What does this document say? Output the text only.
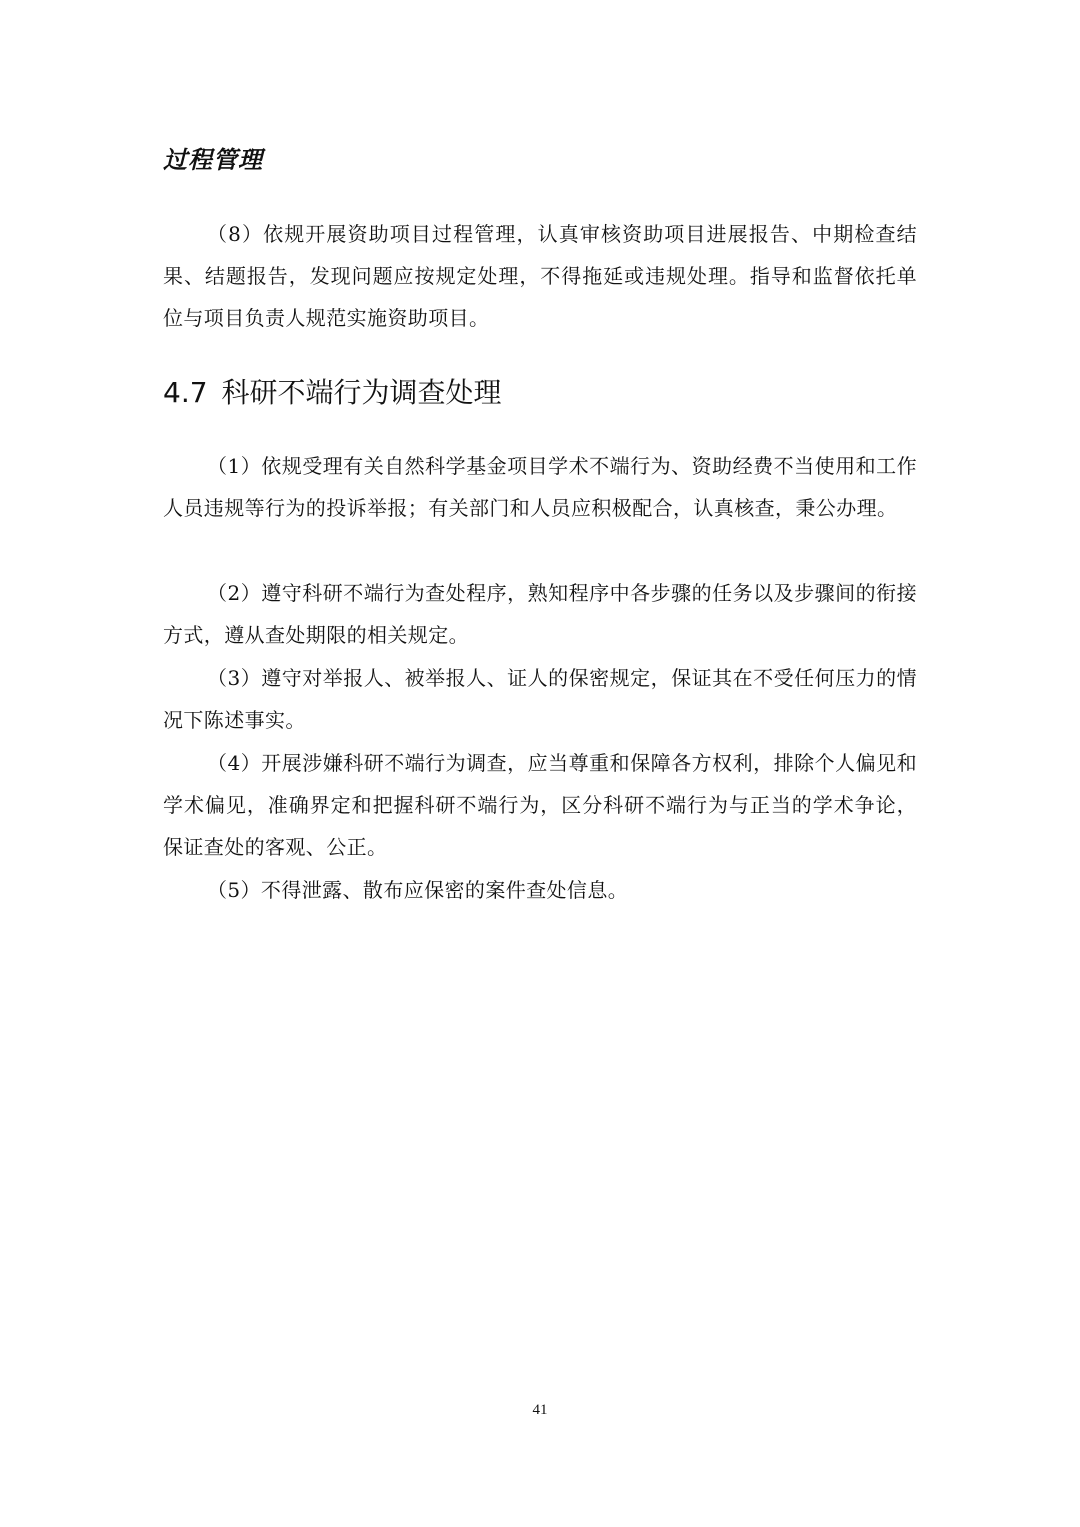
过程管理

（8）依规开展资助项目过程管理，认真审核资助项目进展报告、中期检查结果、结题报告，发现问题应按规定处理，不得拖延或违规处理。指导和监督依托单位与项目负责人规范实施资助项目。

4.7 科研不端行为调查处理

（1）依规受理有关自然科学基金项目学术不端行为、资助经费不当使用和工作人员违规等行为的投诉举报；有关部门和人员应积极配合，认真核查，秉公办理。

（2）遵守科研不端行为查处程序，熟知程序中各步骤的任务以及步骤间的衔接方式，遵从查处期限的相关规定。

（3）遵守对举报人、被举报人、证人的保密规定，保证其在不受任何压力的情况下陈述事实。

（4）开展涉嫌科研不端行为调查，应当尊重和保障各方权利，排除个人偏见和学术偏见，准确界定和把握科研不端行为，区分科研不端行为与正当的学术争论，保证查处的客观、公正。

（5）不得泄露、散布应保密的案件查处信息。

41
